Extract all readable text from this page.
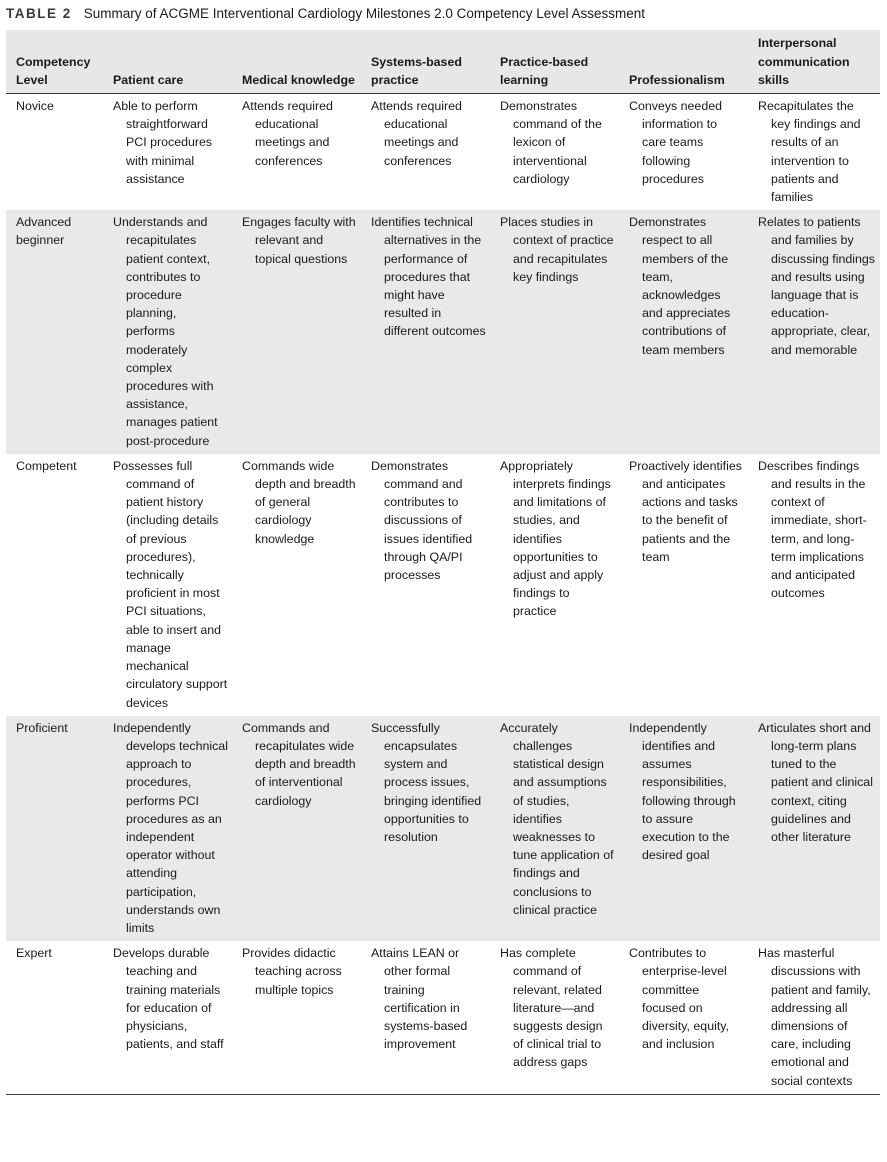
TABLE 2 Summary of ACGME Interventional Cardiology Milestones 2.0 Competency Level Assessment
Competency Level	Patient care	Medical knowledge	Systems-based practice	Practice-based learning	Professionalism	Interpersonal communication skills
Novice	Able to perform straightforward PCI procedures with minimal assistance	Attends required educational meetings and conferences	Attends required educational meetings and conferences	Demonstrates command of the lexicon of interventional cardiology	Conveys needed information to care teams following procedures	Recapitulates the key findings and results of an intervention to patients and families

Advanced beginner	Understands and recapitulates patient context, contributes to procedure planning, performs moderately complex procedures with assistance, manages patient post-procedure	Engages faculty with relevant and topical questions	Identifies technical alternatives in the performance of procedures that might have resulted in different outcomes	Places studies in context of practice and recapitulates key findings	Demonstrates respect to all members of the team, acknowledges and appreciates contributions of team members	Relates to patients and families by discussing findings and results using language that is education-appropriate, clear, and memorable

Competent	Possesses full command of patient history (including details of previous procedures), technically proficient in most PCI situations, able to insert and manage mechanical circulatory support devices	Commands wide depth and breadth of general cardiology knowledge	Demonstrates command and contributes to discussions of issues identified through QA/PI processes	Appropriately interprets findings and limitations of studies, and identifies opportunities to adjust and apply findings to practice	Proactively identifies and anticipates actions and tasks to the benefit of patients and the team	Describes findings and results in the context of immediate, short-term, and long-term implications and anticipated outcomes

Proficient	Independently develops technical approach to procedures, performs PCI procedures as an independent operator without attending participation, understands own limits	Commands and recapitulates wide depth and breadth of interventional cardiology	Successfully encapsulates system and process issues, bringing identified opportunities to resolution	Accurately challenges statistical design and assumptions of studies, identifies weaknesses to tune application of findings and conclusions to clinical practice	Independently identifies and assumes responsibilities, following through to assure execution to the desired goal	Articulates short and long-term plans tuned to the patient and clinical context, citing guidelines and other literature

Expert	Develops durable teaching and training materials for education of physicians, patients, and staff	Provides didactic teaching across multiple topics	Attains LEAN or other formal training certification in systems-based improvement	Has complete command of relevant, related literature—and suggests design of clinical trial to address gaps	Contributes to enterprise-level committee focused on diversity, equity, and inclusion	Has masterful discussions with patient and family, addressing all dimensions of care, including emotional and social contexts
